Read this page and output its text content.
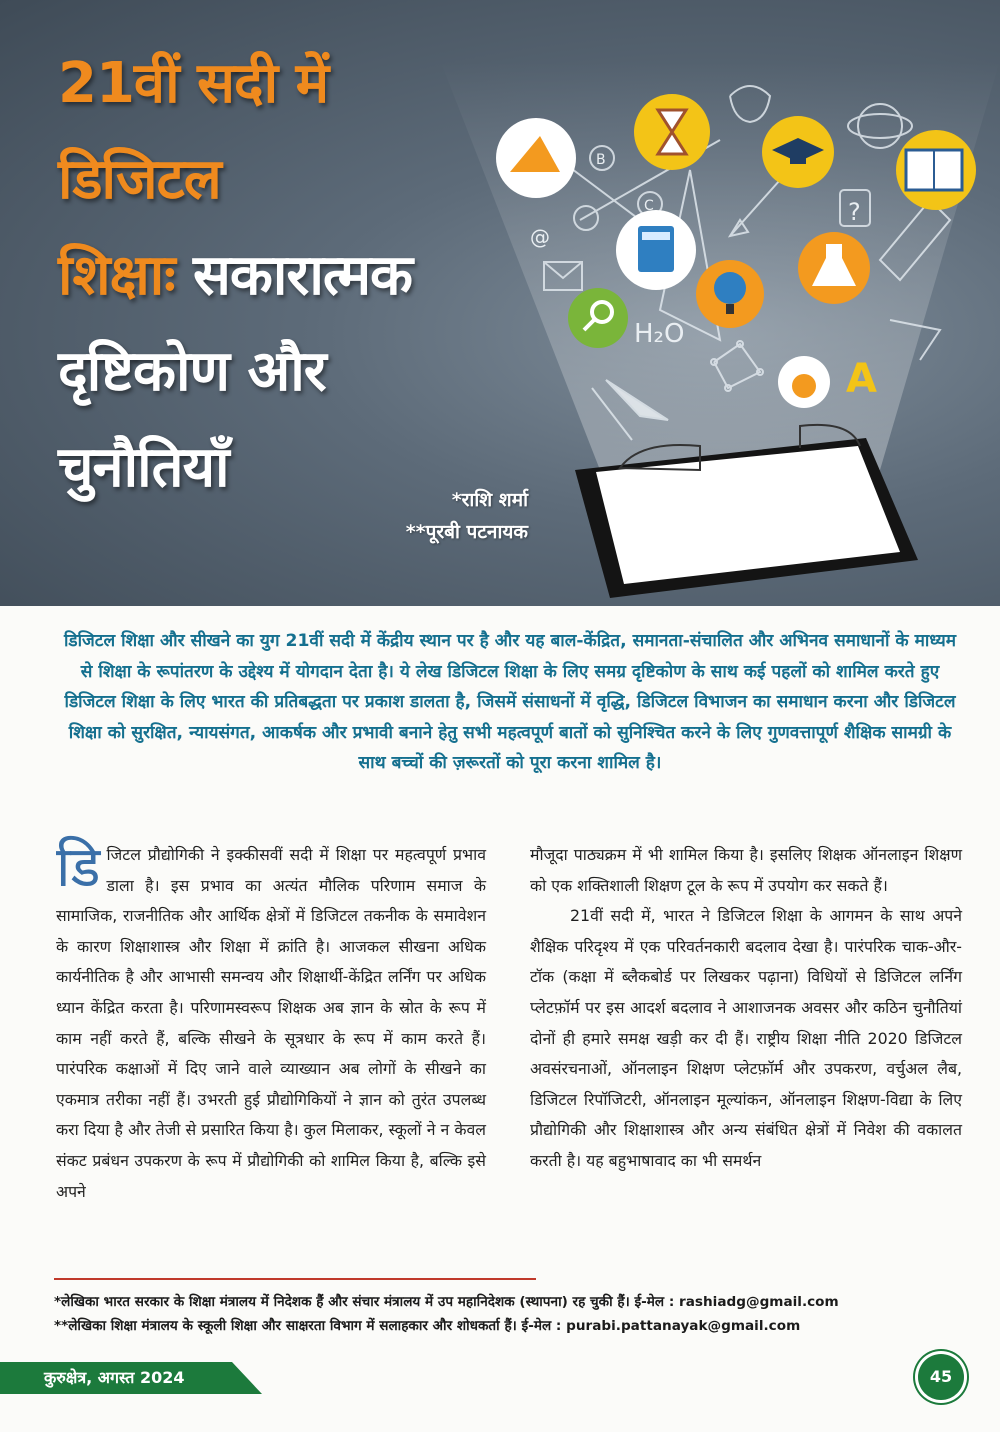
H₂O
A
B
C
@
?
21वीं सदी में डिजिटल
शिक्षाः सकारात्मक
दृष्टिकोण और
चुनौतियाँ	*राशि शर्मा
**पूरबी पटनायक

डिजिटल शिक्षा और सीखने का युग 21वीं सदी में केंद्रीय स्थान पर है और यह बाल-केंद्रित, समानता-संचालित और अभिनव समाधानों के माध्यम से शिक्षा के रूपांतरण के उद्देश्य में योगदान देता है। ये लेख डिजिटल शिक्षा के लिए समग्र दृष्टिकोण के साथ कई पहलों को शामिल करते हुए डिजिटल शिक्षा के लिए भारत की प्रतिबद्धता पर प्रकाश डालता है, जिसमें संसाधनों में वृद्धि, डिजिटल विभाजन का समाधान करना और डिजिटल शिक्षा को सुरक्षित, न्यायसंगत, आकर्षक और प्रभावी बनाने हेतु सभी महत्वपूर्ण बातों को सुनिश्चित करने के लिए गुणवत्तापूर्ण शैक्षिक सामग्री के साथ बच्चों की ज़रूरतों को पूरा करना शामिल है।

डिजिटल प्रौद्योगिकी ने इक्कीसवीं सदी में शिक्षा पर महत्वपूर्ण प्रभाव डाला है। इस प्रभाव का अत्यंत मौलिक परिणाम समाज के सामाजिक, राजनीतिक और आर्थिक क्षेत्रों में डिजिटल तकनीक के समावेशन के कारण शिक्षाशास्त्र और शिक्षा में क्रांति है। आजकल सीखना अधिक कार्यनीतिक है और आभासी समन्वय और शिक्षार्थी-केंद्रित लर्निंग पर अधिक ध्यान केंद्रित करता है। परिणामस्वरूप शिक्षक अब ज्ञान के स्रोत के रूप में काम नहीं करते हैं, बल्कि सीखने के सूत्रधार के रूप में काम करते हैं। पारंपरिक कक्षाओं में दिए जाने वाले व्याख्यान अब लोगों के सीखने का एकमात्र तरीका नहीं हैं। उभरती हुई प्रौद्योगिकियों ने ज्ञान को तुरंत उपलब्ध करा दिया है और तेजी से प्रसारित किया है। कुल मिलाकर, स्कूलों ने न केवल संकट प्रबंधन उपकरण के रूप में प्रौद्योगिकी को शामिल किया है, बल्कि इसे अपने

मौजूदा पाठ्यक्रम में भी शामिल किया है। इसलिए शिक्षक ऑनलाइन शिक्षण को एक शक्तिशाली शिक्षण टूल के रूप में उपयोग कर सकते हैं।

21वीं सदी में, भारत ने डिजिटल शिक्षा के आगमन के साथ अपने शैक्षिक परिदृश्य में एक परिवर्तनकारी बदलाव देखा है। पारंपरिक चाक-और-टॉक (कक्षा में ब्लैकबोर्ड पर लिखकर पढ़ाना) विधियों से डिजिटल लर्निंग प्लेटफ़ॉर्म पर इस आदर्श बदलाव ने आशाजनक अवसर और कठिन चुनौतियां दोनों ही हमारे समक्ष खड़ी कर दी हैं। राष्ट्रीय शिक्षा नीति 2020 डिजिटल अवसंरचनाओं, ऑनलाइन शिक्षण प्लेटफ़ॉर्म और उपकरण, वर्चुअल लैब, डिजिटल रिपॉजिटरी, ऑनलाइन मूल्यांकन, ऑनलाइन शिक्षण-विद्या के लिए प्रौद्योगिकी और शिक्षाशास्त्र और अन्य संबंधित क्षेत्रों में निवेश की वकालत करती है। यह बहुभाषावाद का भी समर्थन

*लेखिका भारत सरकार के शिक्षा मंत्रालय में निदेशक हैं और संचार मंत्रालय में उप महानिदेशक (स्थापना) रह चुकी हैं। ई-मेल : rashiadg@gmail.com

**लेखिका शिक्षा मंत्रालय के स्कूली शिक्षा और साक्षरता विभाग में सलाहकार और शोधकर्ता हैं। ई-मेल : purabi.pattanayak@gmail.com

कुरुक्षेत्र, अगस्त 2024	45
